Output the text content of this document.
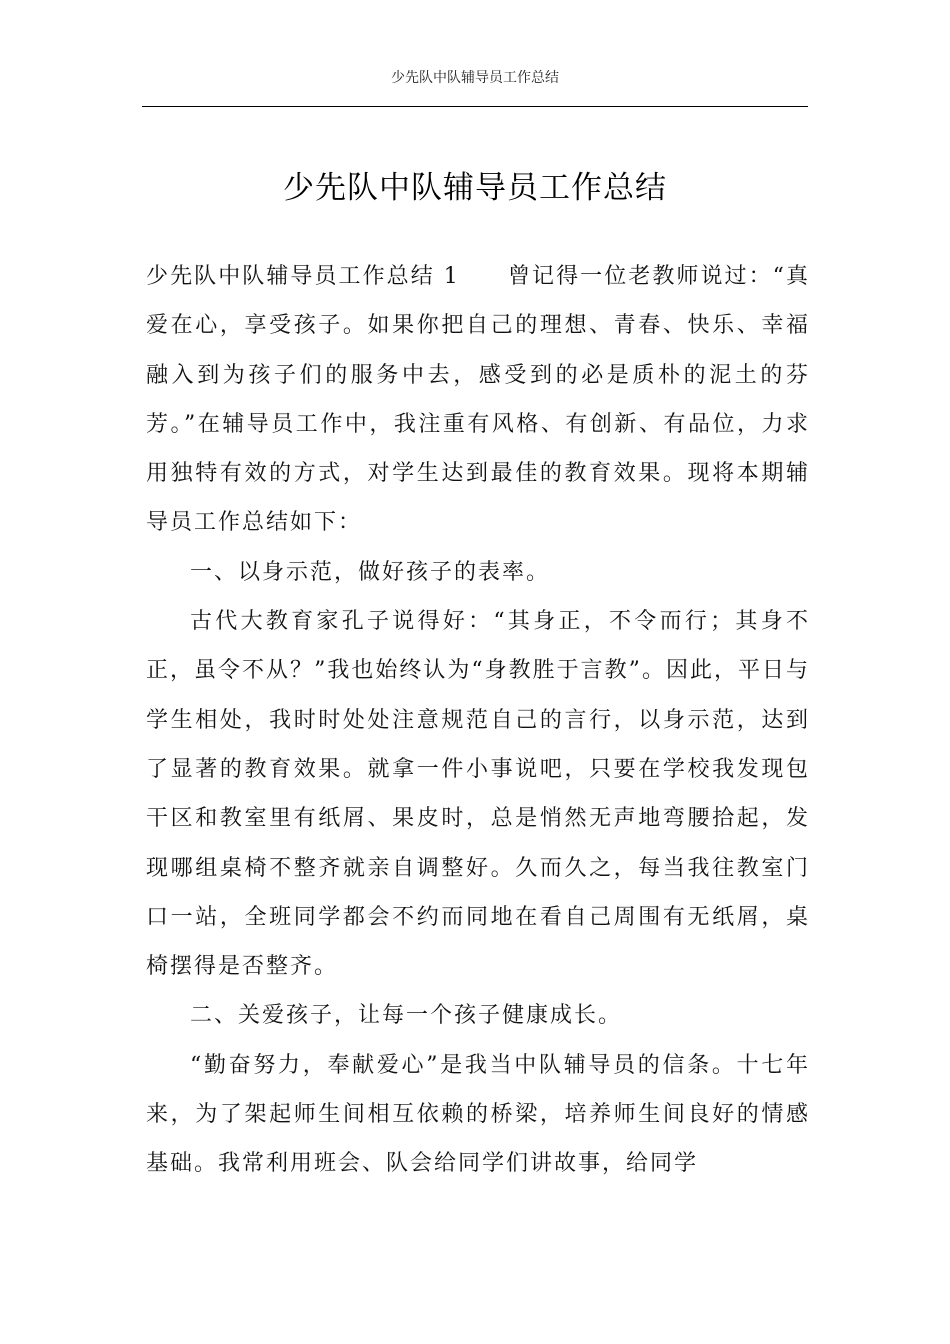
少先队中队辅导员工作总结
少先队中队辅导员工作总结

少先队中队辅导员工作总结 1　　曾记得一位老教师说过：“真爱在心，享受孩子。如果你把自己的理想、青春、快乐、幸福融入到为孩子们的服务中去，感受到的必是质朴的泥土的芬芳。”在辅导员工作中，我注重有风格、有创新、有品位，力求用独特有效的方式，对学生达到最佳的教育效果。现将本期辅导员工作总结如下：

一、以身示范，做好孩子的表率。

古代大教育家孔子说得好：“其身正，不令而行；其身不正，虽令不从？”我也始终认为“身教胜于言教”。因此，平日与学生相处，我时时处处注意规范自己的言行，以身示范，达到了显著的教育效果。就拿一件小事说吧，只要在学校我发现包干区和教室里有纸屑、果皮时，总是悄然无声地弯腰拾起，发现哪组桌椅不整齐就亲自调整好。久而久之，每当我往教室门口一站，全班同学都会不约而同地在看自己周围有无纸屑，桌椅摆得是否整齐。

二、关爱孩子，让每一个孩子健康成长。

“勤奋努力，奉献爱心”是我当中队辅导员的信条。十七年来，为了架起师生间相互依赖的桥梁，培养师生间良好的情感基础。我常利用班会、队会给同学们讲故事，给同学
